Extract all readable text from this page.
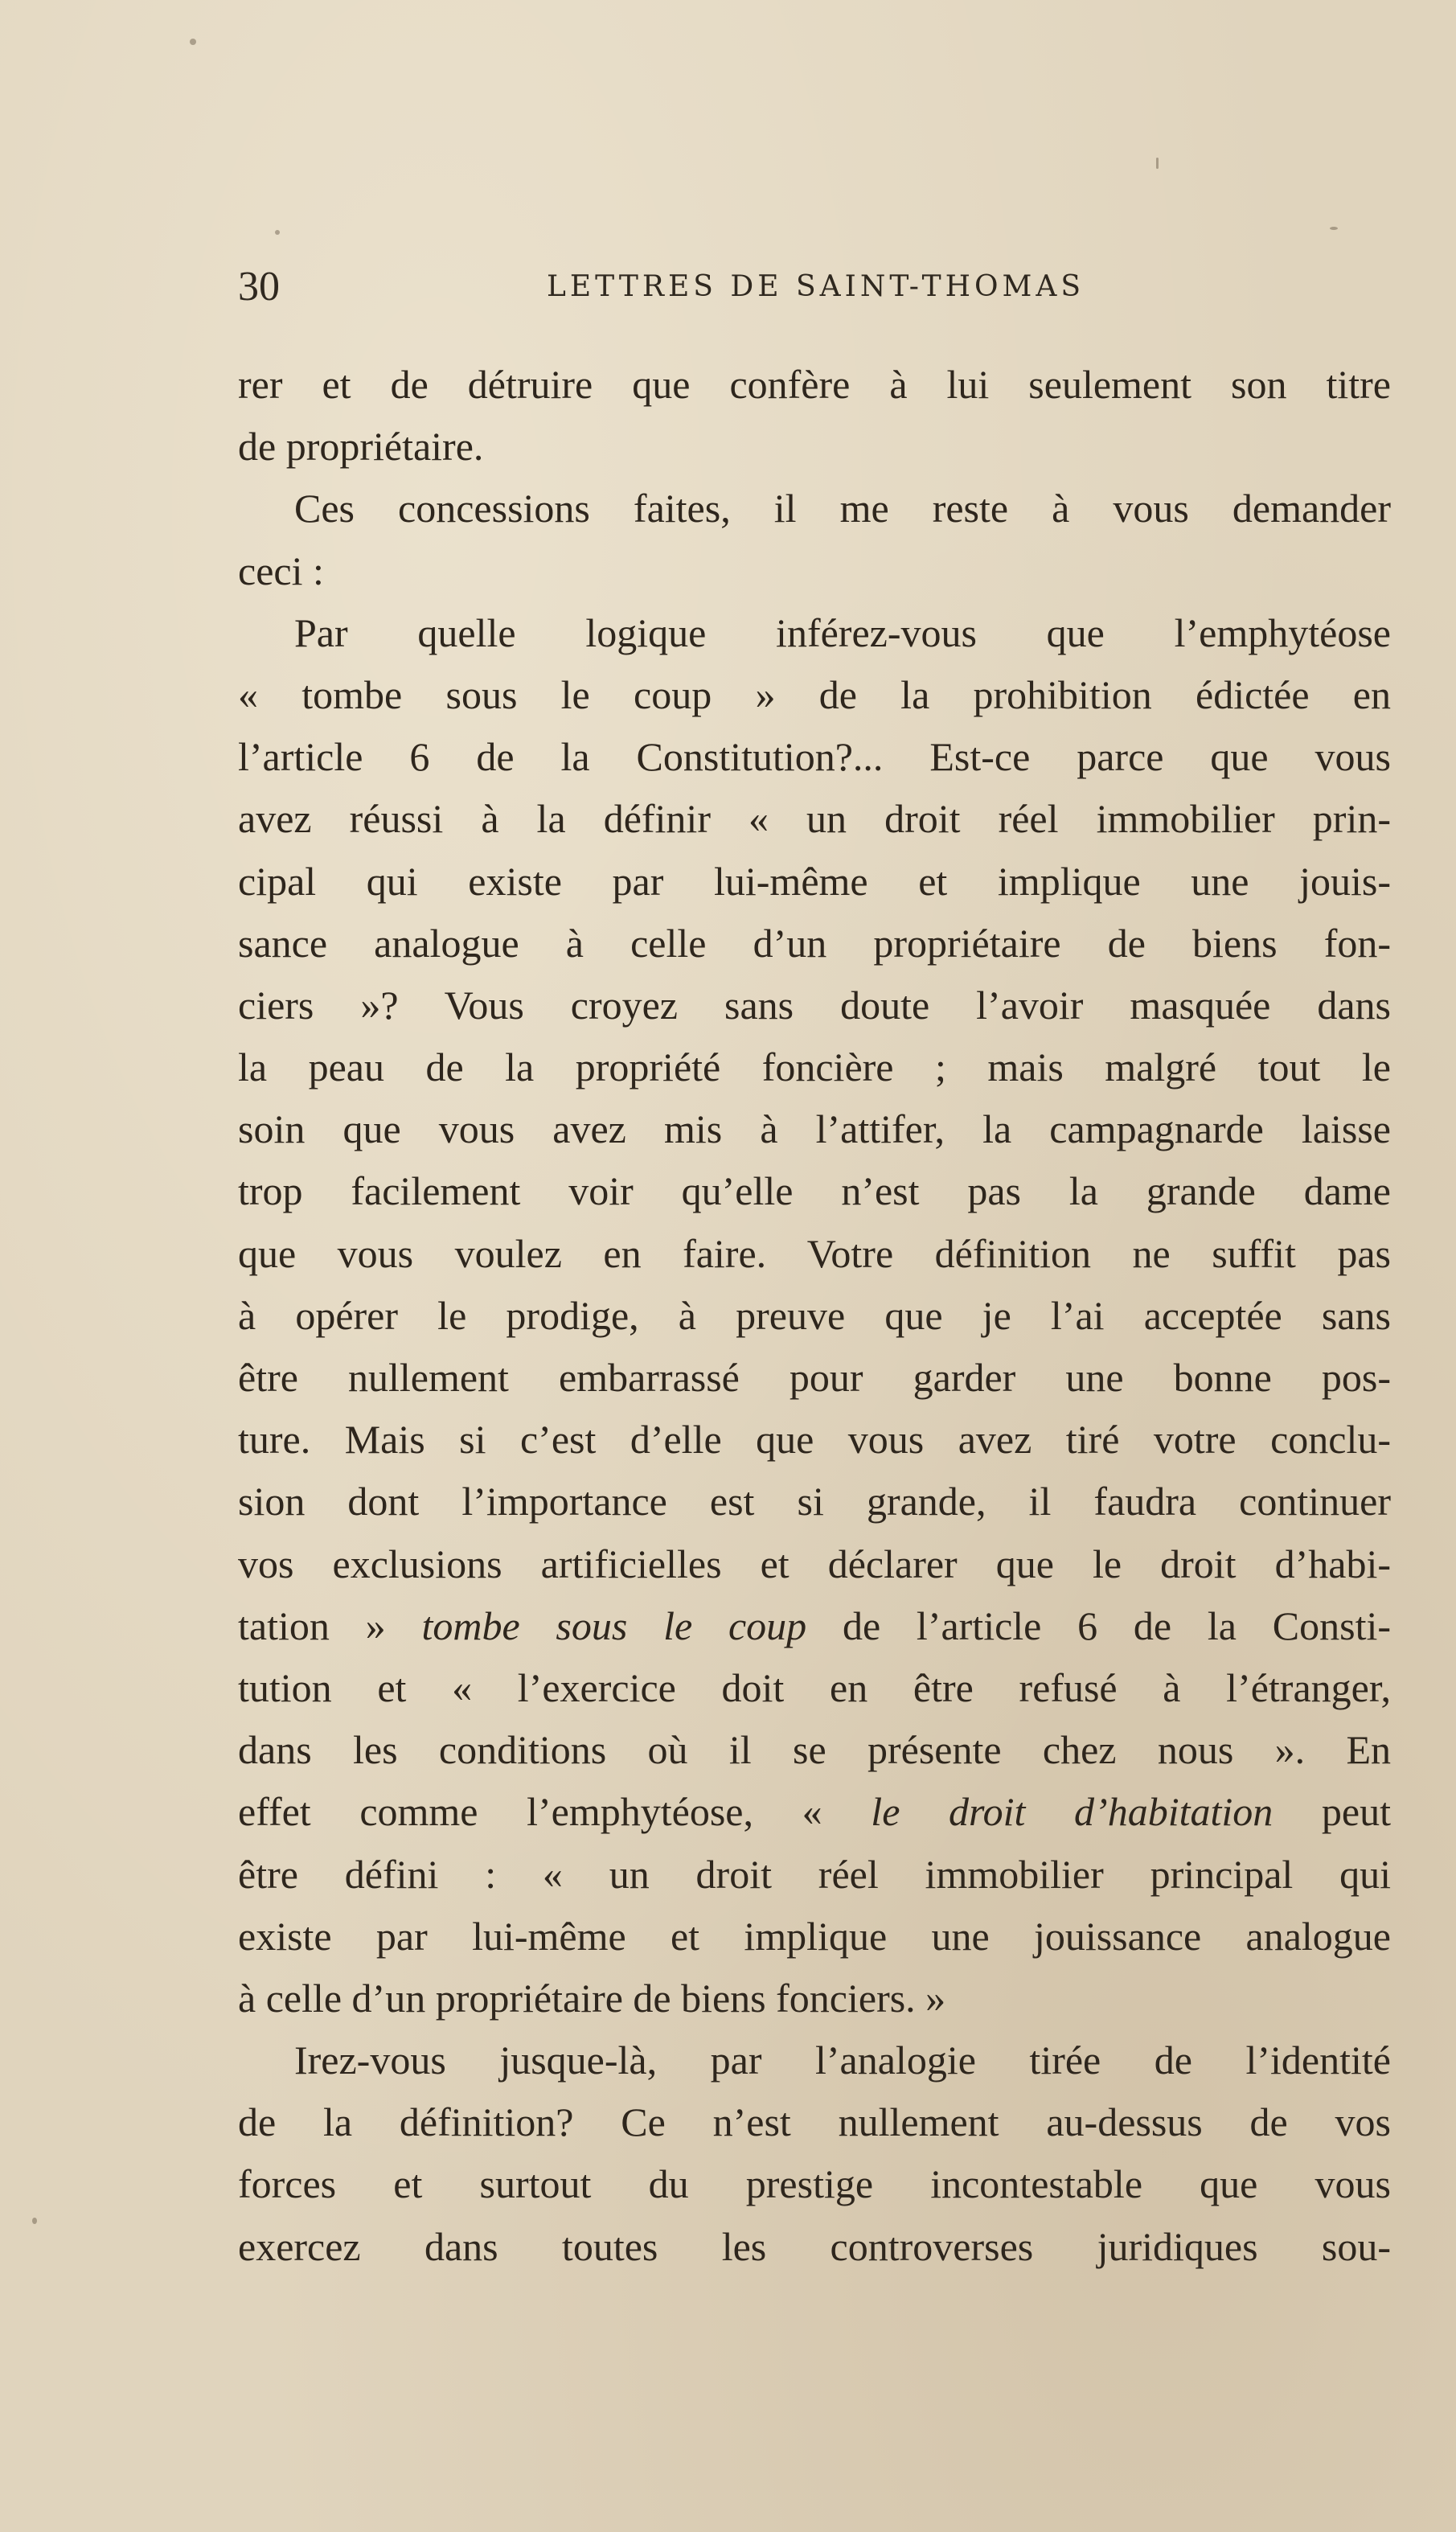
30	LETTRES DE SAINT-THOMAS
rer et de détruire que confère à lui seulement son titre
de propriétaire.
Ces concessions faites, il me reste à vous demander
ceci :
Par quelle logique inférez-vous que l’emphytéose
« tombe sous le coup » de la prohibition édictée en
l’article 6 de la Constitution?... Est-ce parce que vous
avez réussi à la définir « un droit réel immobilier prin-
cipal qui existe par lui-même et implique une jouis-
sance analogue à celle d’un propriétaire de biens fon-
ciers »? Vous croyez sans doute l’avoir masquée dans
la peau de la propriété foncière ; mais malgré tout le
soin que vous avez mis à l’attifer, la campagnarde laisse
trop facilement voir qu’elle n’est pas la grande dame
que vous voulez en faire. Votre définition ne suffit pas
à opérer le prodige, à preuve que je l’ai acceptée sans
être nullement embarrassé pour garder une bonne pos-
ture. Mais si c’est d’elle que vous avez tiré votre conclu-
sion dont l’importance est si grande, il faudra continuer
vos exclusions artificielles et déclarer que le droit d’habi-
tation » tombe sous le coup de l’article 6 de la Consti-
tution et « l’exercice doit en être refusé à l’étranger,
dans les conditions où il se présente chez nous ». En
effet comme l’emphytéose, « le droit d’habitation peut
être défini : « un droit réel immobilier principal qui
existe par lui-même et implique une jouissance analogue
à celle d’un propriétaire de biens fonciers. »
Irez-vous jusque-là, par l’analogie tirée de l’identité
de la définition? Ce n’est nullement au-dessus de vos
forces et surtout du prestige incontestable que vous
exercez dans toutes les controverses juridiques sou-
